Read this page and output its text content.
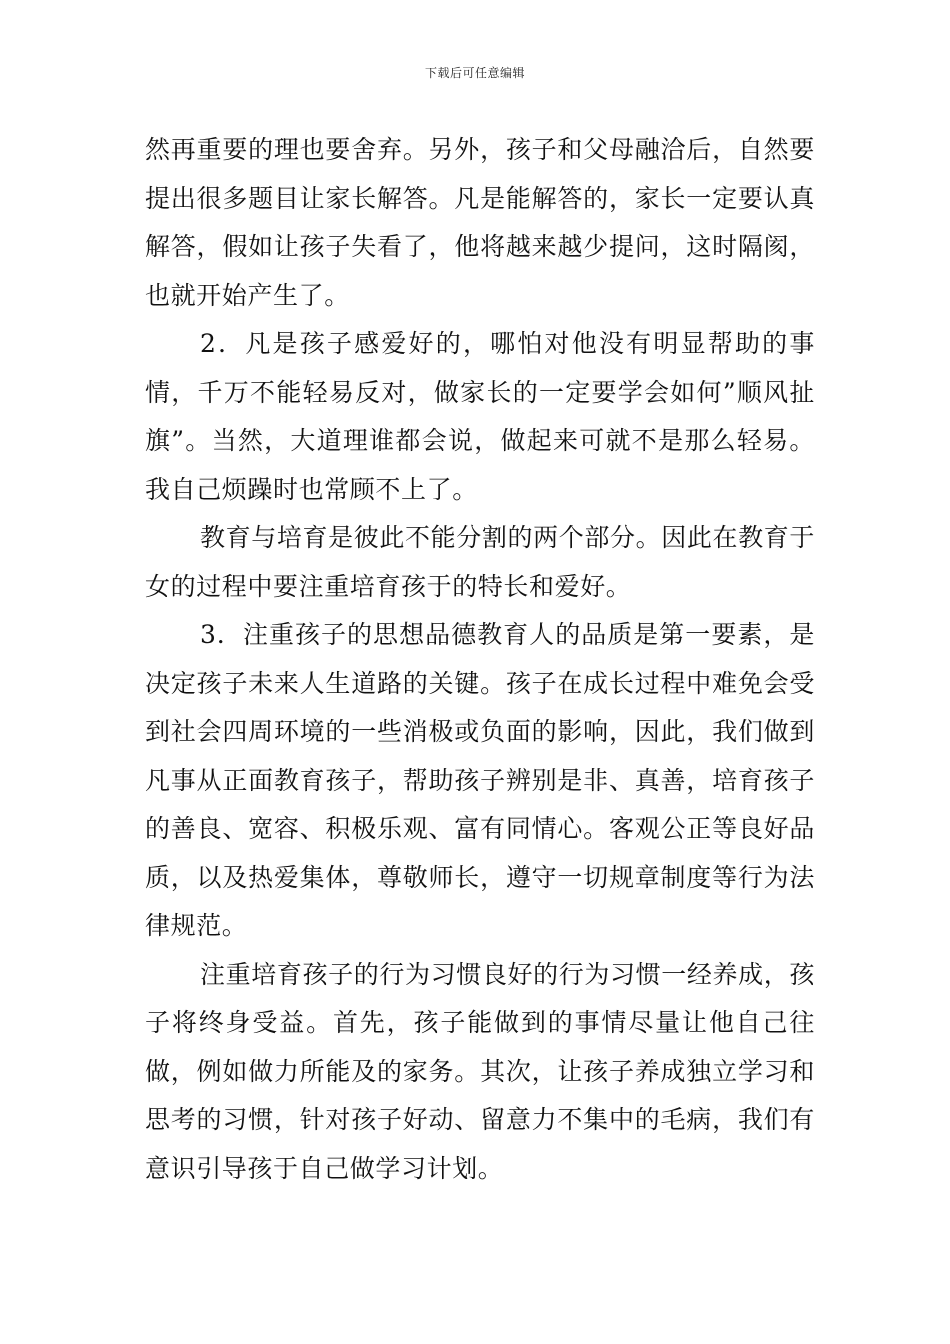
下载后可任意编辑

然再重要的理也要舍弃。另外，孩子和父母融洽后，自然要提出很多题目让家长解答。凡是能解答的，家长一定要认真解答，假如让孩子失看了，他将越来越少提问，这时隔阂，也就开始产生了。

2．凡是孩子感爱好的，哪怕对他没有明显帮助的事情，千万不能轻易反对，做家长的一定要学会如何”顺风扯旗”。当然，大道理谁都会说，做起来可就不是那么轻易。我自己烦躁时也常顾不上了。

教育与培育是彼此不能分割的两个部分。因此在教育于女的过程中要注重培育孩于的特长和爱好。

3．注重孩子的思想品德教育人的品质是第一要素，是决定孩子未来人生道路的关键。孩子在成长过程中难免会受到社会四周环境的一些消极或负面的影响，因此，我们做到凡事从正面教育孩子，帮助孩子辨别是非、真善，培育孩子的善良、宽容、积极乐观、富有同情心。客观公正等良好品质，以及热爱集体，尊敬师长，遵守一切规章制度等行为法律规范。

注重培育孩子的行为习惯良好的行为习惯一经养成，孩子将终身受益。首先，孩子能做到的事情尽量让他自己往做，例如做力所能及的家务。其次，让孩子养成独立学习和思考的习惯，针对孩子好动、留意力不集中的毛病，我们有意识引导孩于自己做学习计划。
